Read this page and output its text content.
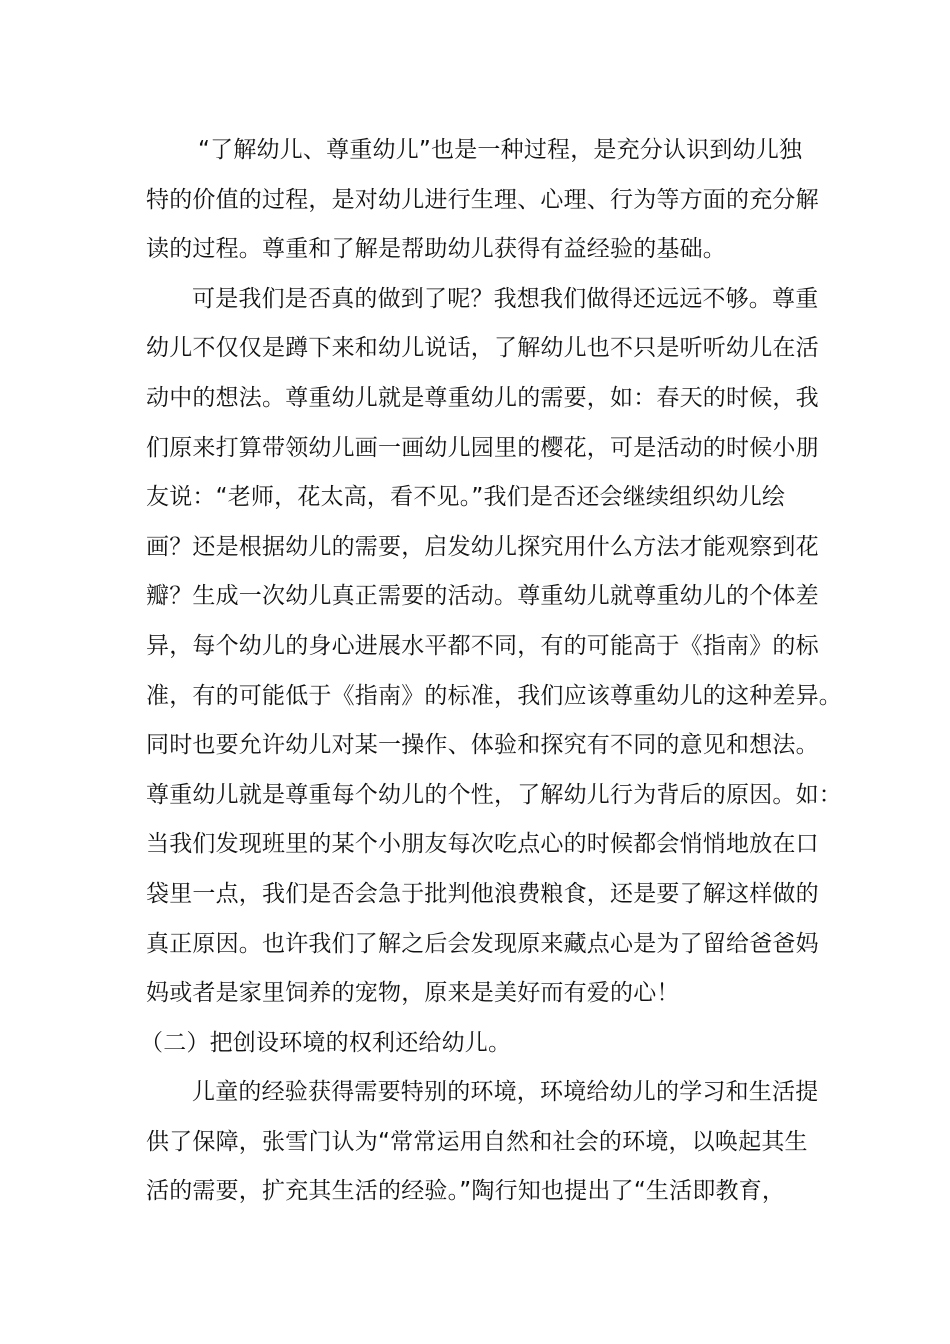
“了解幼儿、尊重幼儿”也是一种过程，是充分认识到幼儿独
特的价值的过程，是对幼儿进行生理、心理、行为等方面的充分解
读的过程。尊重和了解是帮助幼儿获得有益经验的基础。

可是我们是否真的做到了呢？我想我们做得还远远不够。尊重
幼儿不仅仅是蹲下来和幼儿说话，了解幼儿也不只是听听幼儿在活
动中的想法。尊重幼儿就是尊重幼儿的需要，如：春天的时候，我
们原来打算带领幼儿画一画幼儿园里的樱花，可是活动的时候小朋
友说：“老师，花太高，看不见。”我们是否还会继续组织幼儿绘
画？还是根据幼儿的需要，启发幼儿探究用什么方法才能观察到花
瓣？生成一次幼儿真正需要的活动。尊重幼儿就尊重幼儿的个体差
异，每个幼儿的身心进展水平都不同，有的可能高于《指南》的标
准，有的可能低于《指南》的标准，我们应该尊重幼儿的这种差异。
同时也要允许幼儿对某一操作、体验和探究有不同的意见和想法。
尊重幼儿就是尊重每个幼儿的个性，了解幼儿行为背后的原因。如：
当我们发现班里的某个小朋友每次吃点心的时候都会悄悄地放在口
袋里一点，我们是否会急于批判他浪费粮食，还是要了解这样做的
真正原因。也许我们了解之后会发现原来藏点心是为了留给爸爸妈
妈或者是家里饲养的宠物，原来是美好而有爱的心！

（二）把创设环境的权利还给幼儿。

儿童的经验获得需要特别的环境，环境给幼儿的学习和生活提
供了保障，张雪门认为“常常运用自然和社会的环境，以唤起其生
活的需要，扩充其生活的经验。”陶行知也提出了“生活即教育，
